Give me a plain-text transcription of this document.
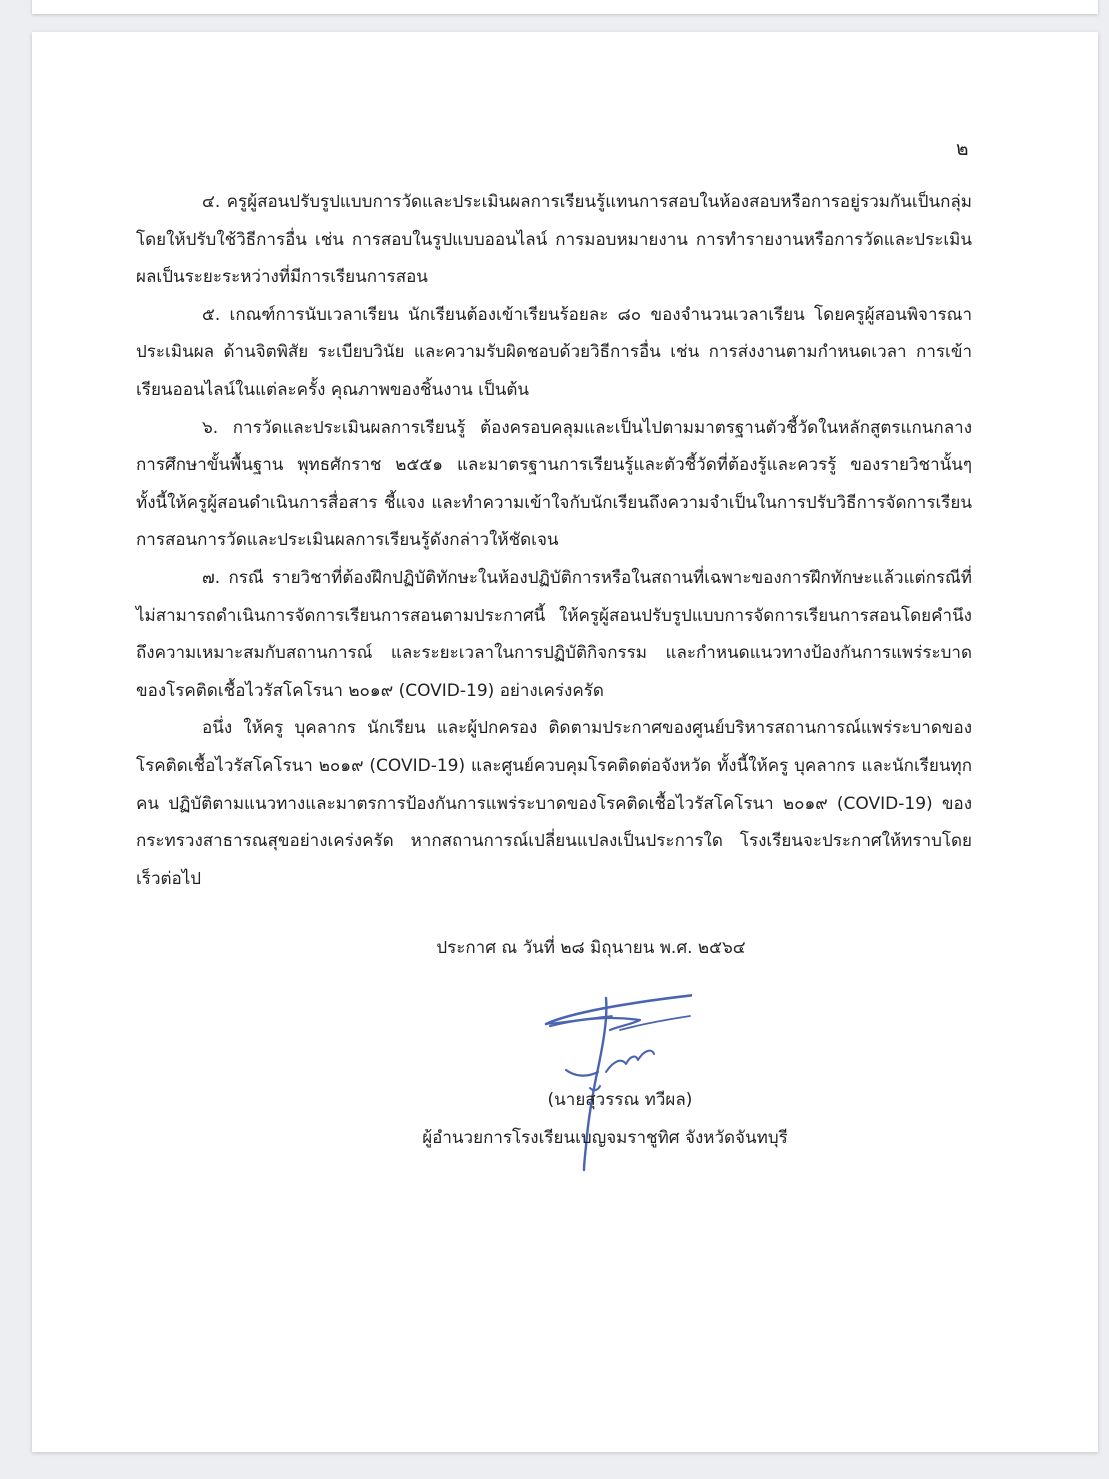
๒

๔. ครูผู้สอนปรับรูปแบบการวัดและประเมินผลการเรียนรู้แทนการสอบในห้องสอบหรือการอยู่รวมกันเป็นกลุ่ม โดยให้ปรับใช้วิธีการอื่น เช่น การสอบในรูปแบบออนไลน์ การมอบหมายงาน การทำรายงานหรือการวัดและประเมินผลเป็นระยะระหว่างที่มีการเรียนการสอน

๕. เกณฑ์การนับเวลาเรียน นักเรียนต้องเข้าเรียนร้อยละ ๘๐ ของจำนวนเวลาเรียน โดยครูผู้สอนพิจารณาประเมินผล ด้านจิตพิสัย ระเบียบวินัย และความรับผิดชอบด้วยวิธีการอื่น เช่น การส่งงานตามกำหนดเวลา การเข้าเรียนออนไลน์ในแต่ละครั้ง คุณภาพของชิ้นงาน เป็นต้น

๖. การวัดและประเมินผลการเรียนรู้ ต้องครอบคลุมและเป็นไปตามมาตรฐานตัวชี้วัดในหลักสูตรแกนกลางการศึกษาขั้นพื้นฐาน พุทธศักราช ๒๕๕๑ และมาตรฐานการเรียนรู้และตัวชี้วัดที่ต้องรู้และควรรู้ ของรายวิชานั้นๆ ทั้งนี้ให้ครูผู้สอนดำเนินการสื่อสาร ชี้แจง และทำความเข้าใจกับนักเรียนถึงความจำเป็นในการปรับวิธีการจัดการเรียนการสอนการวัดและประเมินผลการเรียนรู้ดังกล่าวให้ชัดเจน

๗. กรณี รายวิชาที่ต้องฝึกปฏิบัติทักษะในห้องปฏิบัติการหรือในสถานที่เฉพาะของการฝึกทักษะแล้วแต่กรณีที่ไม่สามารถดำเนินการจัดการเรียนการสอนตามประกาศนี้ ให้ครูผู้สอนปรับรูปแบบการจัดการเรียนการสอนโดยคำนึงถึงความเหมาะสมกับสถานการณ์ และระยะเวลาในการปฏิบัติกิจกรรม และกำหนดแนวทางป้องกันการแพร่ระบาดของโรคติดเชื้อไวรัสโคโรนา ๒๐๑๙ (COVID-19) อย่างเคร่งครัด

อนึ่ง ให้ครู บุคลากร นักเรียน และผู้ปกครอง ติดตามประกาศของศูนย์บริหารสถานการณ์แพร่ระบาดของโรคติดเชื้อไวรัสโคโรนา ๒๐๑๙ (COVID-19) และศูนย์ควบคุมโรคติดต่อจังหวัด ทั้งนี้ให้ครู บุคลากร และนักเรียนทุกคน ปฏิบัติตามแนวทางและมาตรการป้องกันการแพร่ระบาดของโรคติดเชื้อไวรัสโคโรนา ๒๐๑๙ (COVID-19) ของกระทรวงสาธารณสุขอย่างเคร่งครัด หากสถานการณ์เปลี่ยนแปลงเป็นประการใด โรงเรียนจะประกาศให้ทราบโดยเร็วต่อไป

ประกาศ ณ วันที่ ๒๘ มิถุนายน พ.ศ. ๒๕๖๔
(นายสุวรรณ ทวีผล)
ผู้อำนวยการโรงเรียนเบญจมราชูทิศ จังหวัดจันทบุรี
